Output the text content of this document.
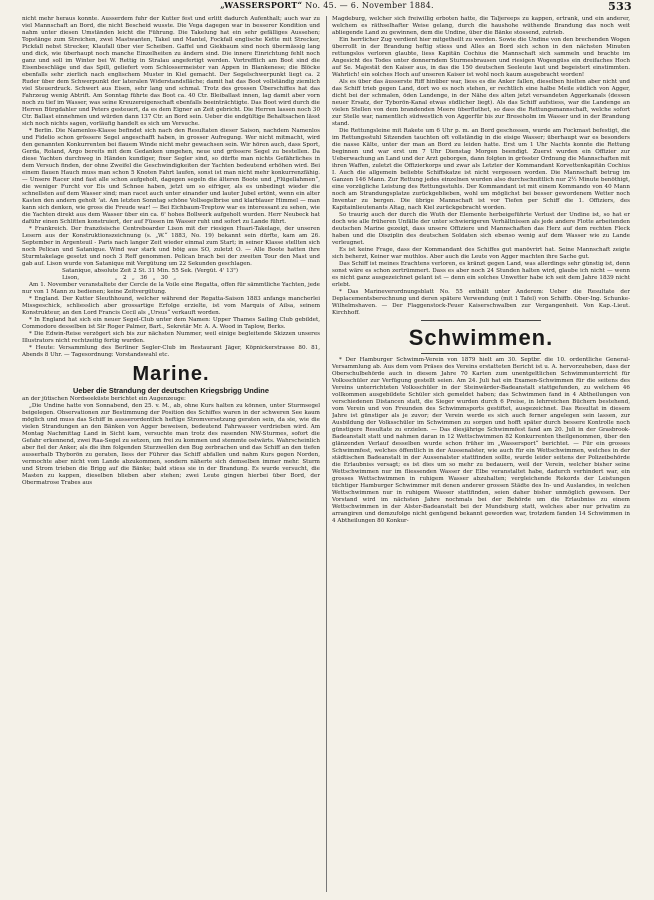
„WASSERSPORT“ No. 45. — 6. November 1884.	533

nicht mehr heraus konnte. Ausserdem fuhr der Kutter fest und erlitt dadurch Aufenthalt; auch war zu viel Mannschaft an Bord, die nicht Bescheid wusste. Die Vega dagegen war in besserer Kondition und nahm unter diesen Umständen leicht die Führung. Die Takelung hat ein sehr gefälliges Aussehen; Topstänge zum Streichen, zwei Mastwanten, Takel und Mantel, Fockfall englische Kette mit Strecker, Pickfall nebst Strecker, Klaufall über vier Scheiben. Gaffel und Giekbaum sind noch übermässig lang und dick, wie überhaupt noch manche Einzelheiten zu ändern sind. Die innere Einrichtung fehlt noch ganz und soll im Winter bei W. Rettig in Stralau angefertigt werden. Vortrefflich am Boot sind die Eisenbeschläge und das Spill, geliefert vom Schlossermeister van Appen in Blankenese; die Blöcke ebenfalls sehr zierlich nach englischem Muster in Kiel gemacht. Der Segelschwerpunkt liegt ca. 2 Ruder über dem Schwerpunkt der lateralen Widerstandsfläche; damit hat das Boot vollständig ziemlich viel Steuerdruck. Schwert aus Eisen, sehr lang und schmal. Trotz des grossen Überschiffes hat das Fahrzeug wenig Abtrift. Am Sonntag führte das Boot ca. 40 Ctr. Bleiballast innen, lag damit aber vorn noch zu tief im Wasser, was seine Kreuzereigenschaft ebenfalls beeinträchtigte. Das Boot wird durch die Herren Bürgdahler und Peters gesteuert, da es dem Eigner an Zeit gebricht. Die Herren lassen noch 30 Ctr. Ballast einnehmen und würden dann 137 Ctr. an Bord sein. Ueber die endgültige Behaltsachen lässt sich noch nichts sagen, vorläufig handelt es sich um Versuche.

* Berlin. Die Namenlos-Klasse befindet sich nach den Resultaten dieser Saison, nachdem Namenlos und Fidelio schon grössere Segel angeschafft haben, in grosser Aufregung. Wer nicht mitmacht, wird den genannten Konkurrenten bei flauem Winde nicht mehr gewachsen sein. Wir hören auch, dass Sport, Gerda, Roland, Argo bereits mit dem Gedanken umgehen, neue und grössere Segel zu bestellen. Da diese Yachten durchweg in Händen kundiger, fixer Segler sind, so dürfte man nichts Gefährliches in dem Versuch finden, der ohne Zweifel die Geschwindigkeiten der Yachten bedeutend erhöhen wird. Bei einem flauen Hauch muss man schon 5 Knoten Fahrt laufen, sonst ist man nicht mehr konkurrenzfähig. — Unsere Racer sind fast alle schon aufgeholt, dagegen segeln die älteren Boote und „Flügellahmen“, die weniger Furcht vor Eis und Schnee haben, jetzt um so eifriger, als es unbedingt wieder die schnellsten auf dem Wasser sind; man racet auch unter einander und lauter Jubel ertönt, wenn ein alter Kasten den andern geholt ’at. Am letzten Sonntag schöne Vollsegelbrise und klarblauer Himmel — man kann sich denken, wie gross die Freude war! — Bei Eichbaum-Treptow war es interessant zu sehen, wie die Yachten direkt aus dem Wasser über ein ca. 6' hohes Bollwerk aufgeholt wurden. Herr Neubeck hat daführ einen Schlitten konstruiert, der auf Füssen im Wasser ruht und sofort zu Lande führt.

* Frankreich. Der französische Centreboarder Lison mit der riesigen Huari-Takelage, der unseren Lesern aus der Konstruktionszeichnung (s. „W.“ 1883, No. 19) bekannt sein dürfte, kam am 26. September in Argenteuil - Paris nach langer Zeit wieder einmal zum Start; in seiner Klasse stellten sich noch Pelican und Satanique. Wind war stark und böig aus SO, zuletzt O. — Alle Boote hatten ihre Sturmtakelage gesetzt und noch 3 Reff genommen. Pelican brach bei der zweiten Tour den Mast und gab auf. Lison wurde von Satanique mit Vergütung um 22 Sekunden geschlagen.

Satanique, absolute Zeit 2 St. 31 Min. 55 Sek. (Vergüt. 4' 13")
Lison,	„ 2 „ 36 „ 30 „

Am 1. November veranstaltete der Cercle de la Voile eine Regatta, offen für sämmtliche Yachten, jede nur von 1 Mann zu bedienen; keine Zeitvergütung.

* England. Der Kutter Sleuthhound, welcher während der Regatta-Saison 1883 anfangs mancherlei Missgeschick, schliesslich aber grossartige Erfolge erzielte, ist vom Marquis of Ailsa, seinem Konstrukteur, an den Lord Francis Cecil als „Ursus“ verkauft worden.

* In England hat sich ein neuer Segel-Club unter dem Namen: Upper Thames Sailing Club gebildet, Commodore desselben ist Sir Roger Palmer, Bart., Sekretär Mr. A. A. Wood in Taplow, Berks.

* Die Edwin-Reise verzögert sich bis zur nächsten Nummer, weil einige begleitende Skizzen unseres Illustrators nicht rechtzeitig fertig wurden.

* Heute: Versammlung des Berliner Segler-Club im Restaurant Jäger, Köpnickerstrasse 80. 81, Abends 8 Uhr. — Tagesordnung: Vorstandswahl etc.

Marine.
Ueber die Strandung der deutschen Kriegsbrigg Undine

an der jütischen Nordseeküste berichtet ein Augenzeuge:

„Die Undine hatte von Sonnabend, den 25. v. M., ab, ohne Kurs halten zu können, unter Sturmsegel beigelegen. Observationen zur Bestimmung der Position des Schiffes waren in der schweren See kaum möglich und muss das Schiff in ausserordentlich heftige Stromversetzung geraten sein, da sie, wie die vielen Strandungen an den Bänken von Agger beweisen, bedeutend Fahrwasser verdrieben wird. Am Montag Nachmittag Land in Sicht kam, versuchte man trotz des rasenden NW-Sturmes, sofort die Gefahr erkennend, zwei Raa-Segel zu setzen, um frei zu kommen und stemmte ostwärts. Wahrscheinlich aber fiel der Anker, als die ihm folgenden Sturzwellen den Bug zerbrachen und das Schiff an den tiefen ausserhalb Thyborön zu geraten, liess der Führer das Schiff abfallen und nahm Kurs gegen Norden, vermochte aber nicht vom Lande abzukommen, sondern näherte sich demselben immer mehr. Sturm und Strom trieben die Brigg auf die Bänke; bald stiess sie in der Brandung. Es wurde versucht, die Masten zu kappen, dieselben blieben aber stehen; zwei Leute gingen hierbei über Bord, der Obermatrose Trabes aus

Magdeburg, welcher sich freiwillig erboten hatte, die Taljereeps zu kappen, ertrank, und ein anderer, welchem es räthselhafter Weise gelang, durch die haushohe wüthende Brandung das noch weit abliegende Land zu gewinnen, dem die Undine, über die Bänke stossend, zutrieb.

Ein herrlicher Zug verdient hier mitgetheilt zu werden. Sowie die Undine von den brechenden Wogen überrollt in der Brandung heftig stiess und Alles an Bord sich schon in den nächsten Minuten rettungslos verloren glaubte, liess Kapitän Cochius die Mannschaft sich sammeln und brachte im Angesicht des Todes unter donnerndem Sturmesbrausen und riesigen Wogengüss ein dreifaches Hoch auf Se. Majestät den Kaiser aus, in das die 150 deutschen Seeleute laut und begeistert einstimmten. Wahrlich! ein solches Hoch auf unseren Kaiser ist wohl noch kaum ausgebracht worden!

Als es über das äusserste Riff hinüber war, liess es die Anker fallen, dieselben hielten aber nicht und das Schiff trieb gegen Land, dort wo es noch stehen, er rechtlich eine halbe Meile südlich von Agger, dicht bei der schmalen, öden Landenge, in der Nähe des alten jetzt versandeten Aggerkanals (dessen neuer Ersatz, der Tyborön-Kanal etwas südlicher liegt). Als das Schiff aufstiess, war die Landenge an vielen Stellen von dem brandenden Meere überfluthet, so dass die Rettungsmannschaft, welche sofort zur Stelle war, namentlich südwestlich von Aggerfür bis zur Breseholm im Wasser und in der Brandung stand.

Die Rettungsleine mit Rakete um 6 Uhr p. m. an Bord geschossen, wurde am Fockmast befestigt, die im Rettungsstuhl Sitzenden tauchten oft vollständig in die eisige Wasser; überhaupt war es besonders die nasse Kälte, unter der man an Bord zu leiden hatte. Erst um 1 Uhr Nachts konnte die Rettung beginnen und war erst um 7 Uhr Dienstag Morgen beendigt. Zuerst wurden ein Offizier zur Ueberwachung an Land und der Arzt geborgen, dann folgten in grösster Ordnung die Mannschaften mit ihren Waffen, zuletzt die Offizierkorps und zwar als Letzter der Kommandant Korvettenkapitän Cochius I. Auch die allgemein beliebte Schiffskatze ist nicht vergessen worden. Die Mannschaft betrug im Ganzen 146 Mann. Zur Rettung jedes einzelnen wurden also durchschnittlich nur 2½ Minute benöthigt, eine vorzügliche Leistung des Rettungsstuhls. Der Kommandant ist mit einem Kommando von 40 Mann noch am Strandungsplatze zurückgeblieben, wohl um möglichst bei besser gewordenem Wetter noch Inventar zu bergen. Die übrige Mannschaft ist vor Tiefen per Schiff die 1. Offiziers, des Kapitainlieutenants Altag, nach Kiel zurückgebracht worden.

So traurig auch der durch die Wuth der Elemente herbeigeführte Verlust der Undine ist, so hat er doch wie alle früheren Unfälle der unter schwierigeren Verhältnissen als jede andere Flotte arbeitenden deutschen Marine gezeigt, dass unsere Offiziere und Mannschaften das Herz auf dem rechten Fleck haben und die Disziplin des deutschen Soldaten sich ebenso wenig auf dem Wasser wie zu Lande verleugnet.

Es ist keine Frage, dass der Kommandant des Schiffes gut manövrirt hat. Seine Mannschaft zeigte sich beherzt, Keiner war muthlos. Aber auch die Leute von Agger machten ihre Sache gut.

Das Schiff ist meines Erachtens verloren, es kränzt gegen Land, was allerdings sehr günstig ist, denn sonst wäre es schon zertrümmert. Dass es aber noch 24 Stunden halten wird, glaube ich nicht — wenn es nicht ganz ausgezeichnet gelant ist — denn ein solches Unwetter habe ich seit dem Jahre 1839 nicht erlebt.

* Das Marineverordnungsblatt No. 55 enthält unter Anderem: Ueber die Resultate der Deplacementsberechnung und deren spätere Verwendung (mit 1 Tafel) von Schiffb. Ober-Ing. Schunke-Wilhelmshaven. — Der Flaggenstock-Feuer Kaiserschwalben zur Vergangenheit. Von Kap.-Lieut. Kirchhoff.

Schwimmen.

* Der Hamburger Schwimm-Verein von 1879 hielt am 30. Septbr. die 10. ordentliche General-Versammlung ab. Aus dem vom Präses des Vereins erstatteten Bericht ist u. A. hervorzuheben, dass der Oberschulbehörde auch in diesem Jahre 70 Karten zum unentgeltlichen Schwimmunterricht für Volksschüler zur Verfügung gestellt seien. Am 24. Juli hat ein Examen-Schwimmen für die seitens des Vereins unterrichteten Volksschüler in der Steinwärder-Badeanstalt stattgefunden, zu welchem 46 vollkommen ausgebildete Schüler sich gemeldet haben; das Schwimmen fand in 4 Abtheilungen von verschiedenen Distancen statt, die Sieger wurden durch 6 Preise, in lehrreichen Büchern bestehend, vom Verein und von Freunden des Schwimmsports gestiftet, ausgezeichnet. Das Resultat in diesem Jahre ist günstiger als je zuvor; der Verein werde es sich auch ferner angelegen sein lassen, zur Ausbildung der Volksschüler im Schwimmen zu sorgen und hofft später durch bessere Kontrolle noch günstigere Resultate zu erzielen. — Das diesjährige Schwimmfest fand am 20. Juli in der Grasbrook-Badeanstalt statt und nahmen daran in 12 Wettschwimmen 82 Konkurrenten theilgenommen, über den glänzenden Verlauf desselben wurde schon früher im „Wassersport“ berichtet. — Für ein grosses Schwimmfest, welches öffentlich in der Aussenalster, wie auch für ein Wettschwimmen, welches in der städtischen Badeanstalt in der Aussenalster stattfinden sollte, wurde leider seitens der Polizeibehörde die Erlaubniss versagt; es ist dies um so mehr zu bedauern, weil der Verein, welcher bisher seine Wettschwimmen nur im fliessenden Wasser der Elbe veranstaltet habe, dadurch verhindert war, ein grosses Wettschwimmen in ruhigem Wasser abzuhalten; vergleichende Rekords der Leistungen tüchtiger Hamburger Schwimmer mit denen anderer grossen Städte des In- und Auslandes, in welchen Wettschwimmen nur in ruhigem Wasser stattfinden, seien daher bisher unmöglich gewesen. Der Vorstand wird im nächsten Jahre nochmals bei der Behörde um die Erlaubniss zu einem Wettschwimmen in der Alster-Badeanstalt bei der Mundsburg statt, welches aber nur privatim zu arrangiren und demzufolge nicht genügend bekannt geworden war, trotzdem fanden 14 Schwimmen in 4 Abtheilungen 80 Konkur-
